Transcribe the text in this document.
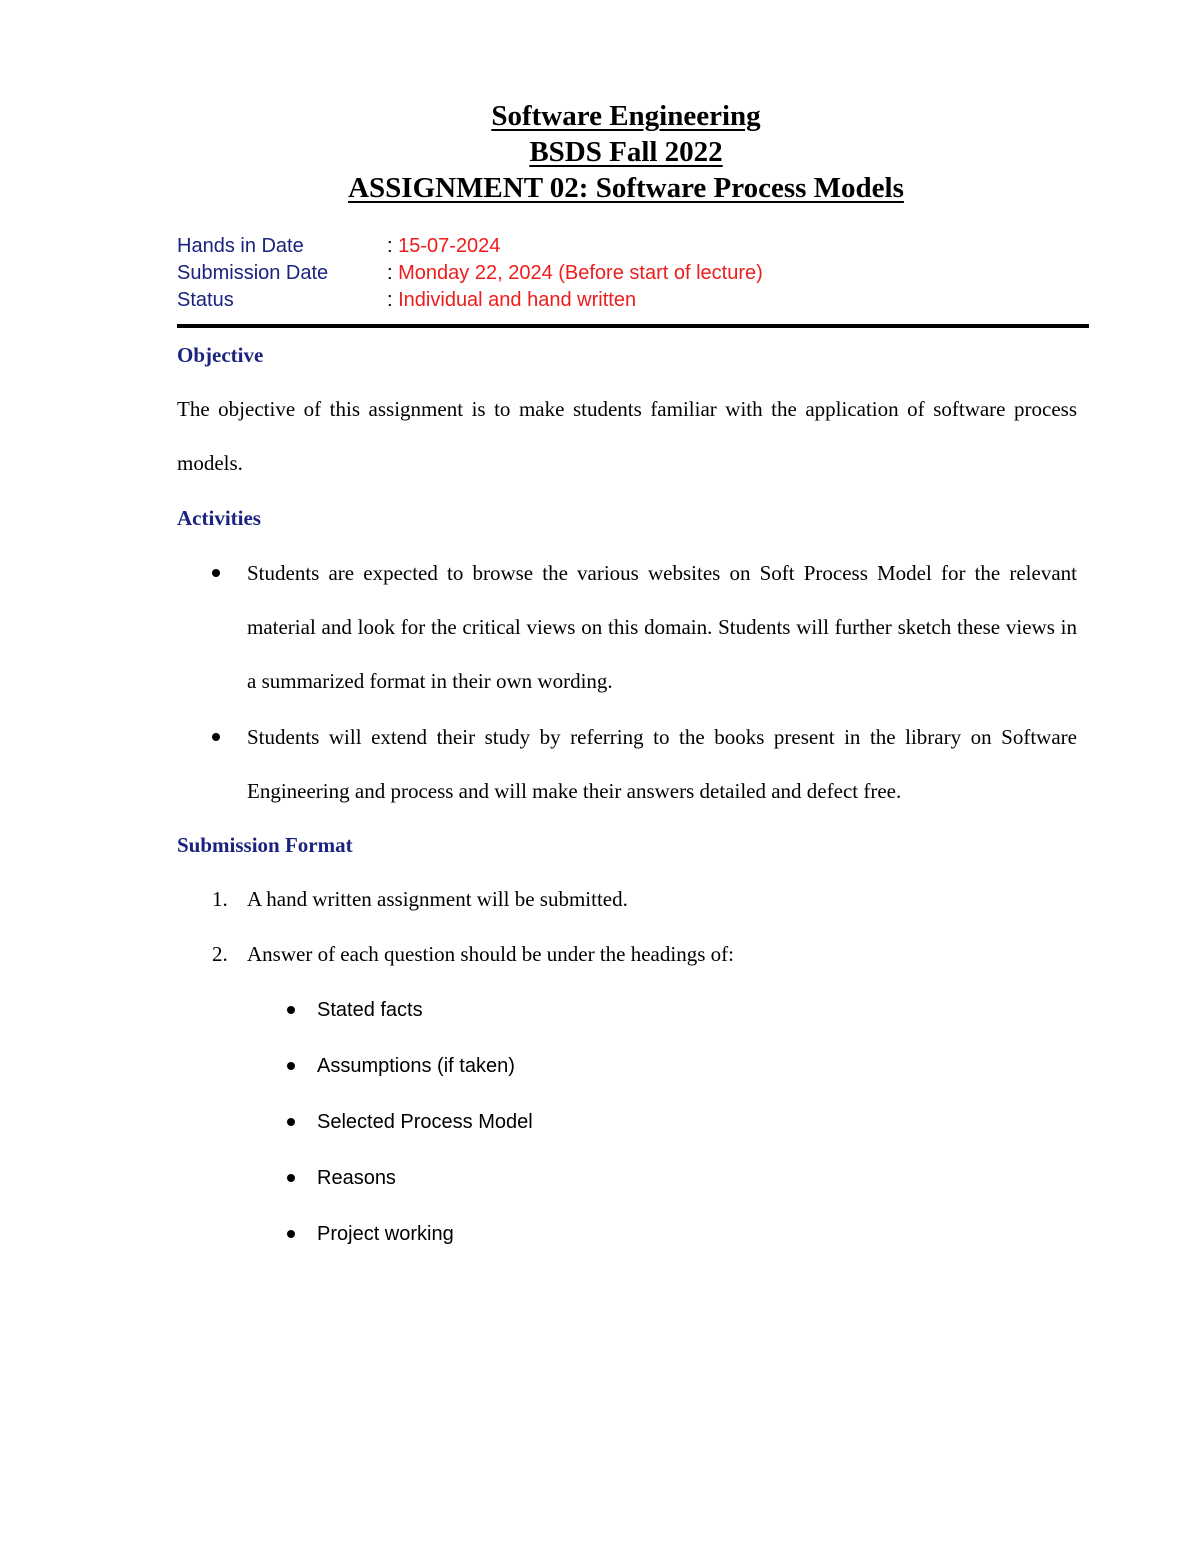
Software Engineering
BSDS Fall 2022
ASSIGNMENT 02: Software Process Models
Hands in Date	: 15-07-2024
Submission Date	: Monday 22, 2024 (Before start of lecture)
Status	: Individual and hand written
Objective
The objective of this assignment is to make students familiar with the application of software process models.
Activities
Students are expected to browse the various websites on Soft Process Model for the relevant material and look for the critical views on this domain. Students will further sketch these views in a summarized format in their own wording.
Students will extend their study by referring to the books present in the library on Software Engineering and process and will make their answers detailed and defect free.
Submission Format
1. A hand written assignment will be submitted.
2. Answer of each question should be under the headings of:
Stated facts
Assumptions (if taken)
Selected Process Model
Reasons
Project working
